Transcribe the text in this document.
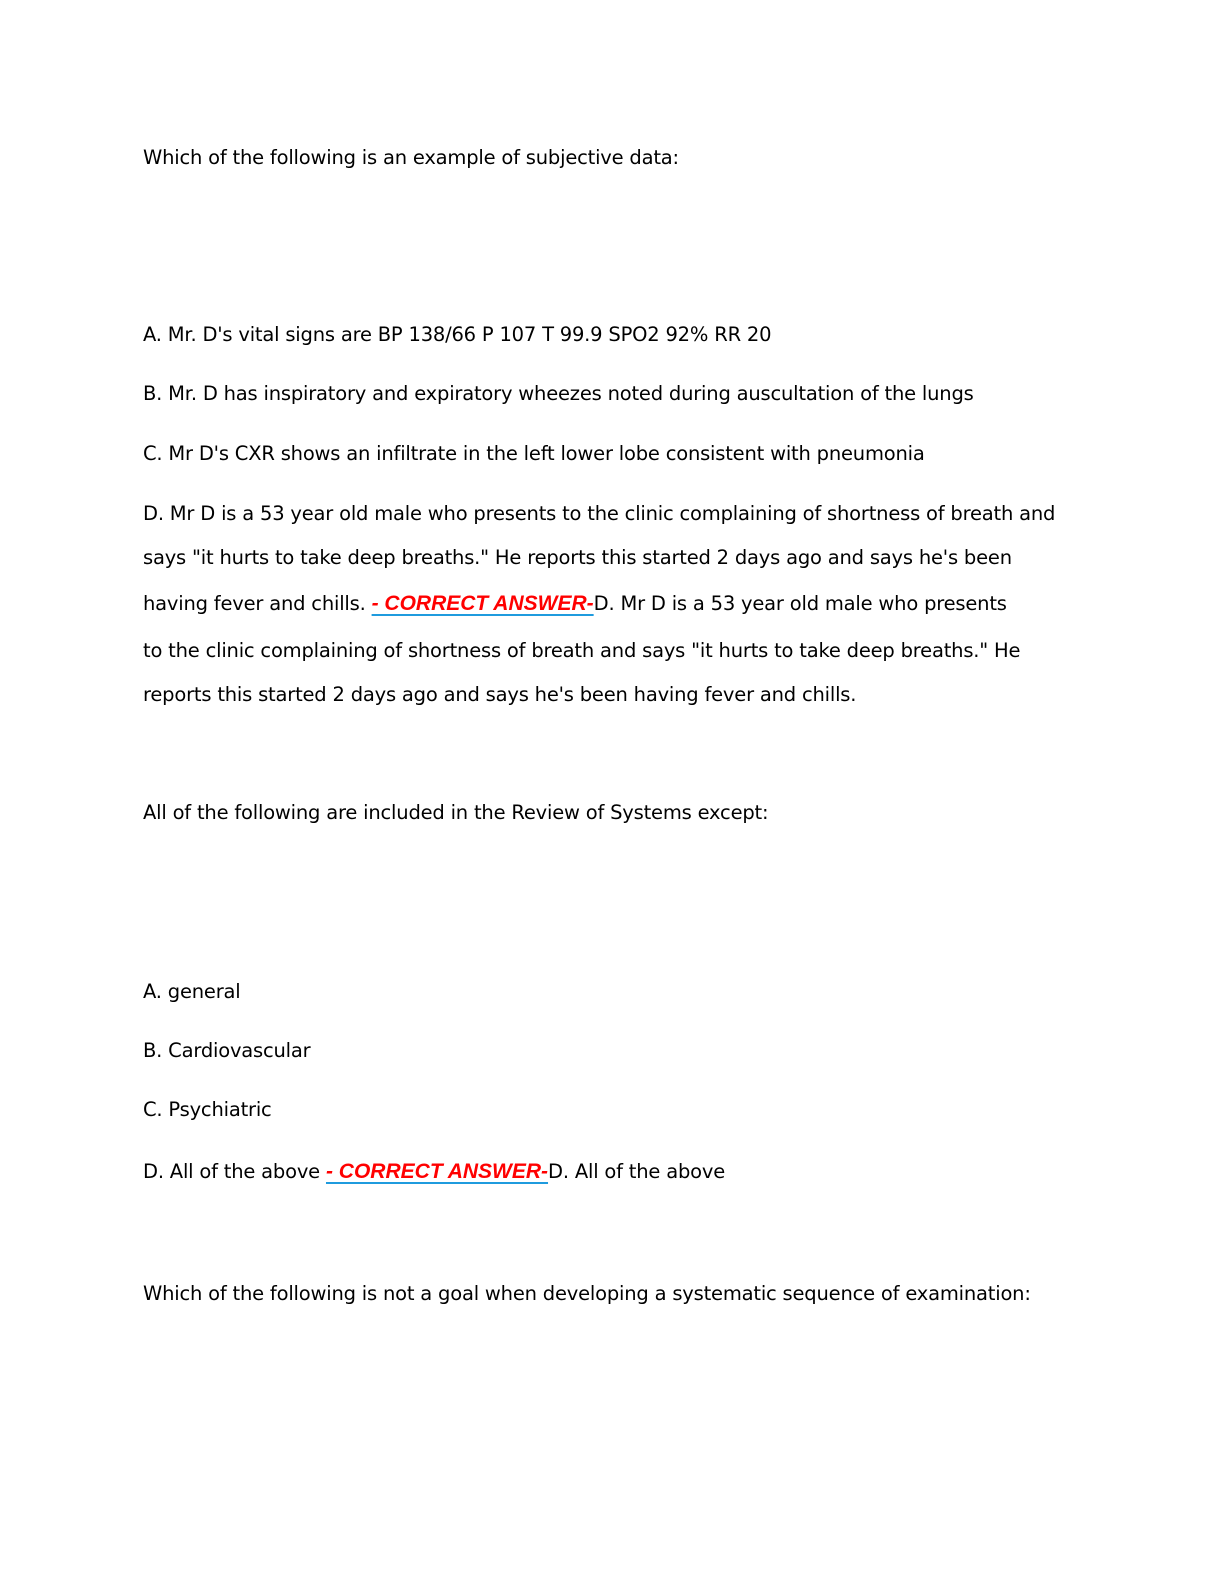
Which of the following is an example of subjective data:

A. Mr. D's vital signs are BP 138/66 P 107 T 99.9 SPO2 92% RR 20

B. Mr. D has inspiratory and expiratory wheezes noted during auscultation of the lungs

C. Mr D's CXR shows an infiltrate in the left lower lobe consistent with pneumonia

D. Mr D is a 53 year old male who presents to the clinic complaining of shortness of breath and

says "it hurts to take deep breaths." He reports this started 2 days ago and says he's been

having fever and chills. - CORRECT ANSWER-D. Mr D is a 53 year old male who presents

to the clinic complaining of shortness of breath and says "it hurts to take deep breaths." He

reports this started 2 days ago and says he's been having fever and chills.

All of the following are included in the Review of Systems except:

A. general

B. Cardiovascular

C. Psychiatric

D. All of the above - CORRECT ANSWER-D. All of the above

Which of the following is not a goal when developing a systematic sequence of examination:
